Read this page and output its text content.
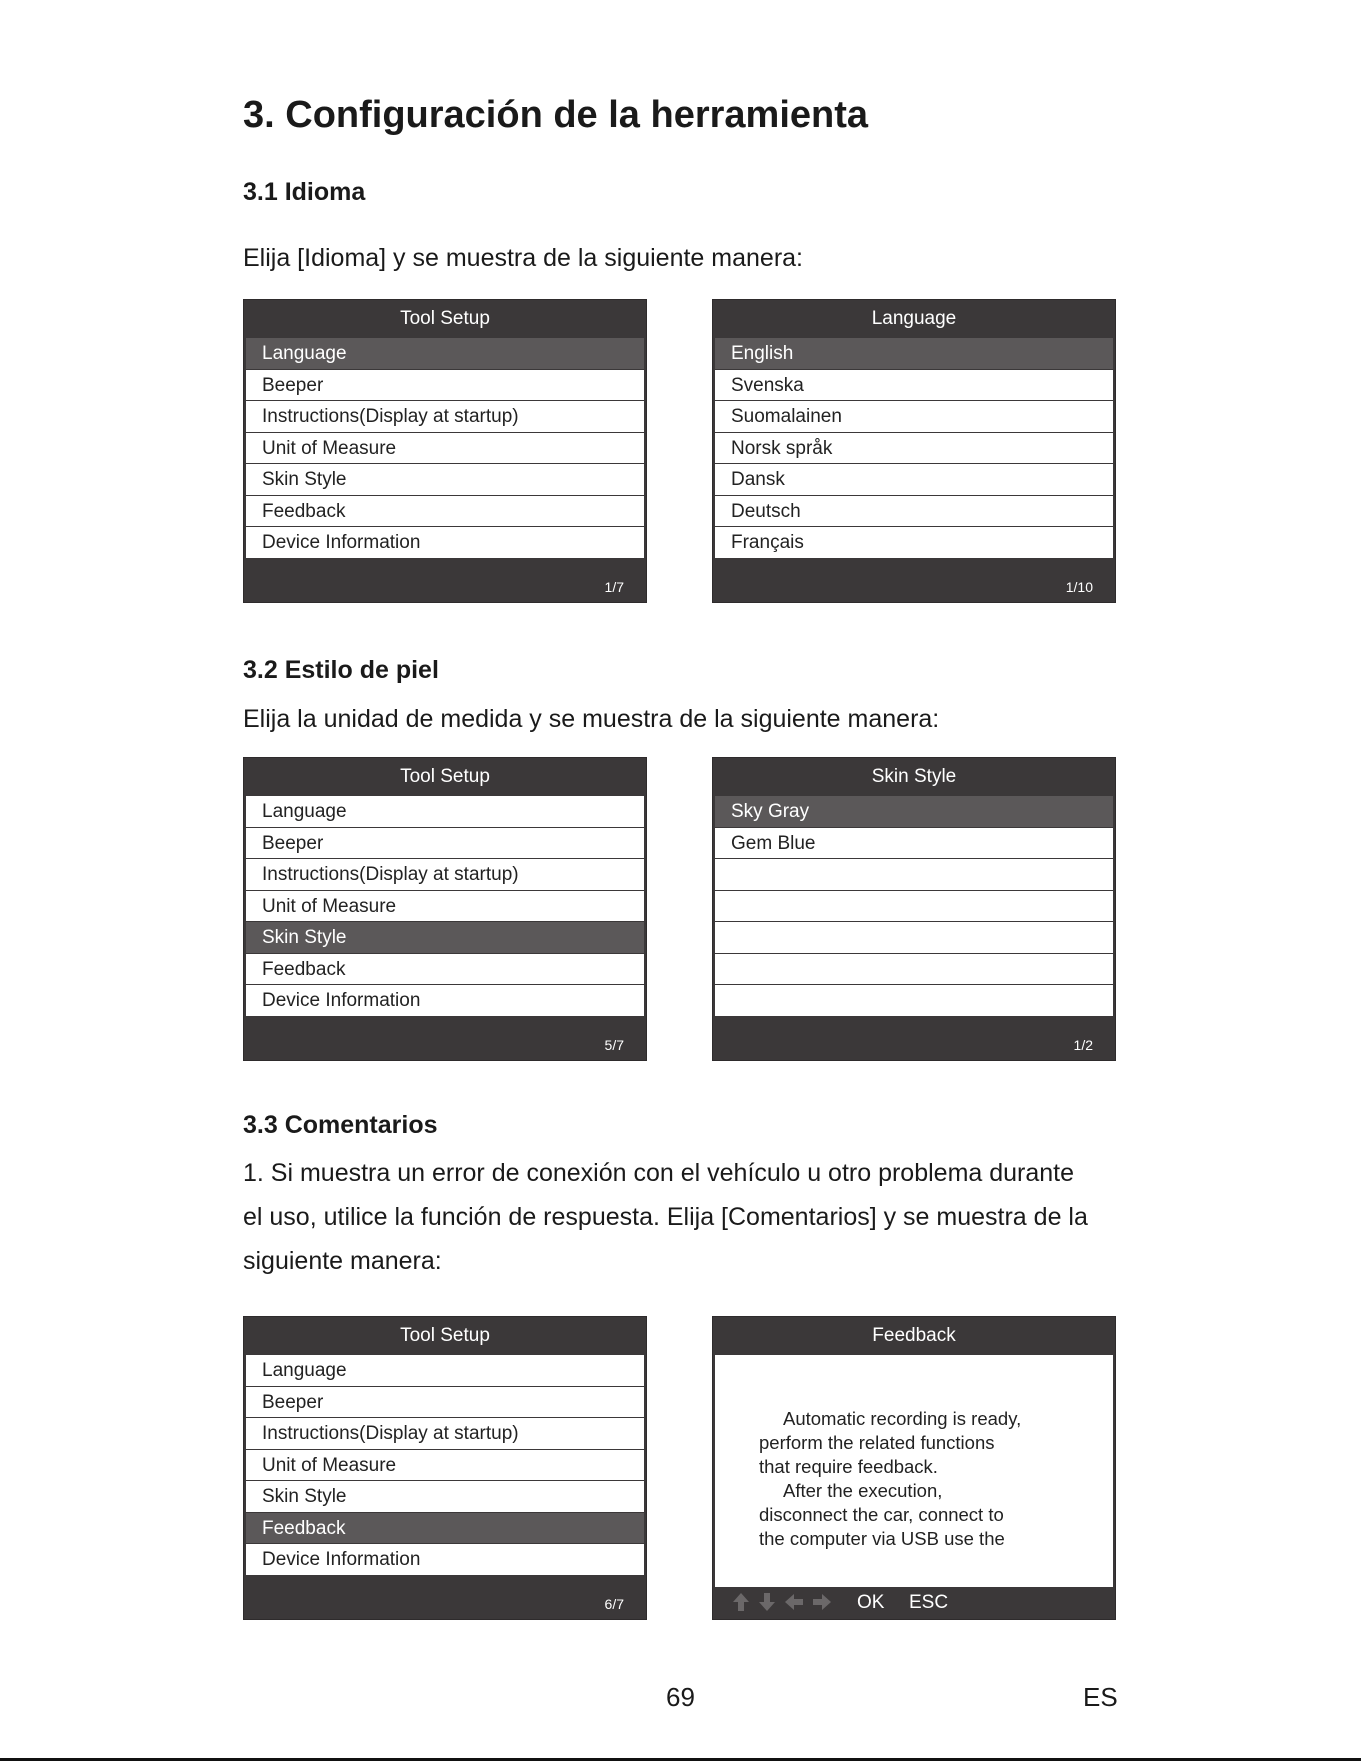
3. Configuración de la herramienta
3.1 Idioma
Elija [Idioma] y se muestra de la siguiente manera:
Tool Setup
Language
Beeper
Instructions(Display at startup)
Unit of Measure
Skin Style
Feedback
Device Information
1/7
Language
English
Svenska
Suomalainen
Norsk språk
Dansk
Deutsch
Français
1/10
3.2 Estilo de piel
Elija la unidad de medida y se muestra de la siguiente manera:
Tool Setup
Language
Beeper
Instructions(Display at startup)
Unit of Measure
Skin Style
Feedback
Device Information
5/7
Skin Style
Sky Gray
Gem Blue
1/2
3.3 Comentarios
1. Si muestra un error de conexión con el vehículo u otro problema durante
el uso, utilice la función de respuesta. Elija [Comentarios] y se muestra de la
siguiente manera:
Tool Setup
Language
Beeper
Instructions(Display at startup)
Unit of Measure
Skin Style
Feedback
Device Information
6/7
Feedback
Automatic recording is ready,
perform the related functions
that require feedback.
After the execution,
disconnect the car, connect to
the computer via USB use the
OK ESC
69	ES
